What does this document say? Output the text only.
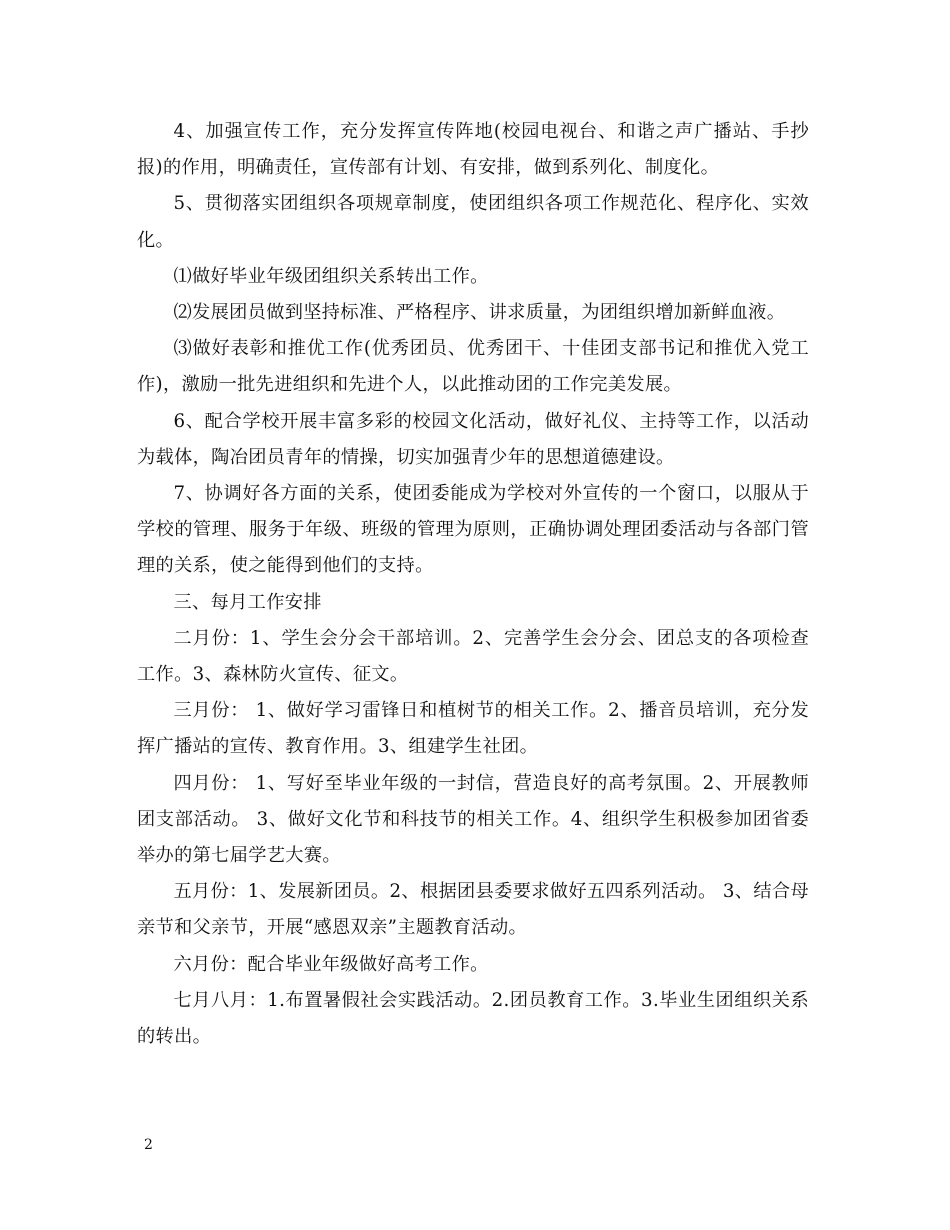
4、加强宣传工作，充分发挥宣传阵地(校园电视台、和谐之声广播站、手抄报)的作用，明确责任，宣传部有计划、有安排，做到系列化、制度化。

5、贯彻落实团组织各项规章制度，使团组织各项工作规范化、程序化、实效化。

⑴做好毕业年级团组织关系转出工作。

⑵发展团员做到坚持标准、严格程序、讲求质量，为团组织增加新鲜血液。

⑶做好表彰和推优工作(优秀团员、优秀团干、十佳团支部书记和推优入党工作)，激励一批先进组织和先进个人，以此推动团的工作完美发展。

6、配合学校开展丰富多彩的校园文化活动，做好礼仪、主持等工作，以活动为载体，陶冶团员青年的情操，切实加强青少年的思想道德建设。

7、协调好各方面的关系，使团委能成为学校对外宣传的一个窗口，以服从于学校的管理、服务于年级、班级的管理为原则，正确协调处理团委活动与各部门管理的关系，使之能得到他们的支持。

三、每月工作安排

二月份：1、学生会分会干部培训。2、完善学生会分会、团总支的各项检查工作。3、森林防火宣传、征文。

三月份： 1、做好学习雷锋日和植树节的相关工作。2、播音员培训，充分发挥广播站的宣传、教育作用。3、组建学生社团。

四月份： 1、写好至毕业年级的一封信，营造良好的高考氛围。2、开展教师团支部活动。 3、做好文化节和科技节的相关工作。4、组织学生积极参加团省委举办的第七届学艺大赛。

五月份：1、发展新团员。2、根据团县委要求做好五四系列活动。 3、结合母亲节和父亲节，开展“感恩双亲”主题教育活动。

六月份：配合毕业年级做好高考工作。

七月八月：1.布置暑假社会实践活动。2.团员教育工作。3.毕业生团组织关系的转出。

2
